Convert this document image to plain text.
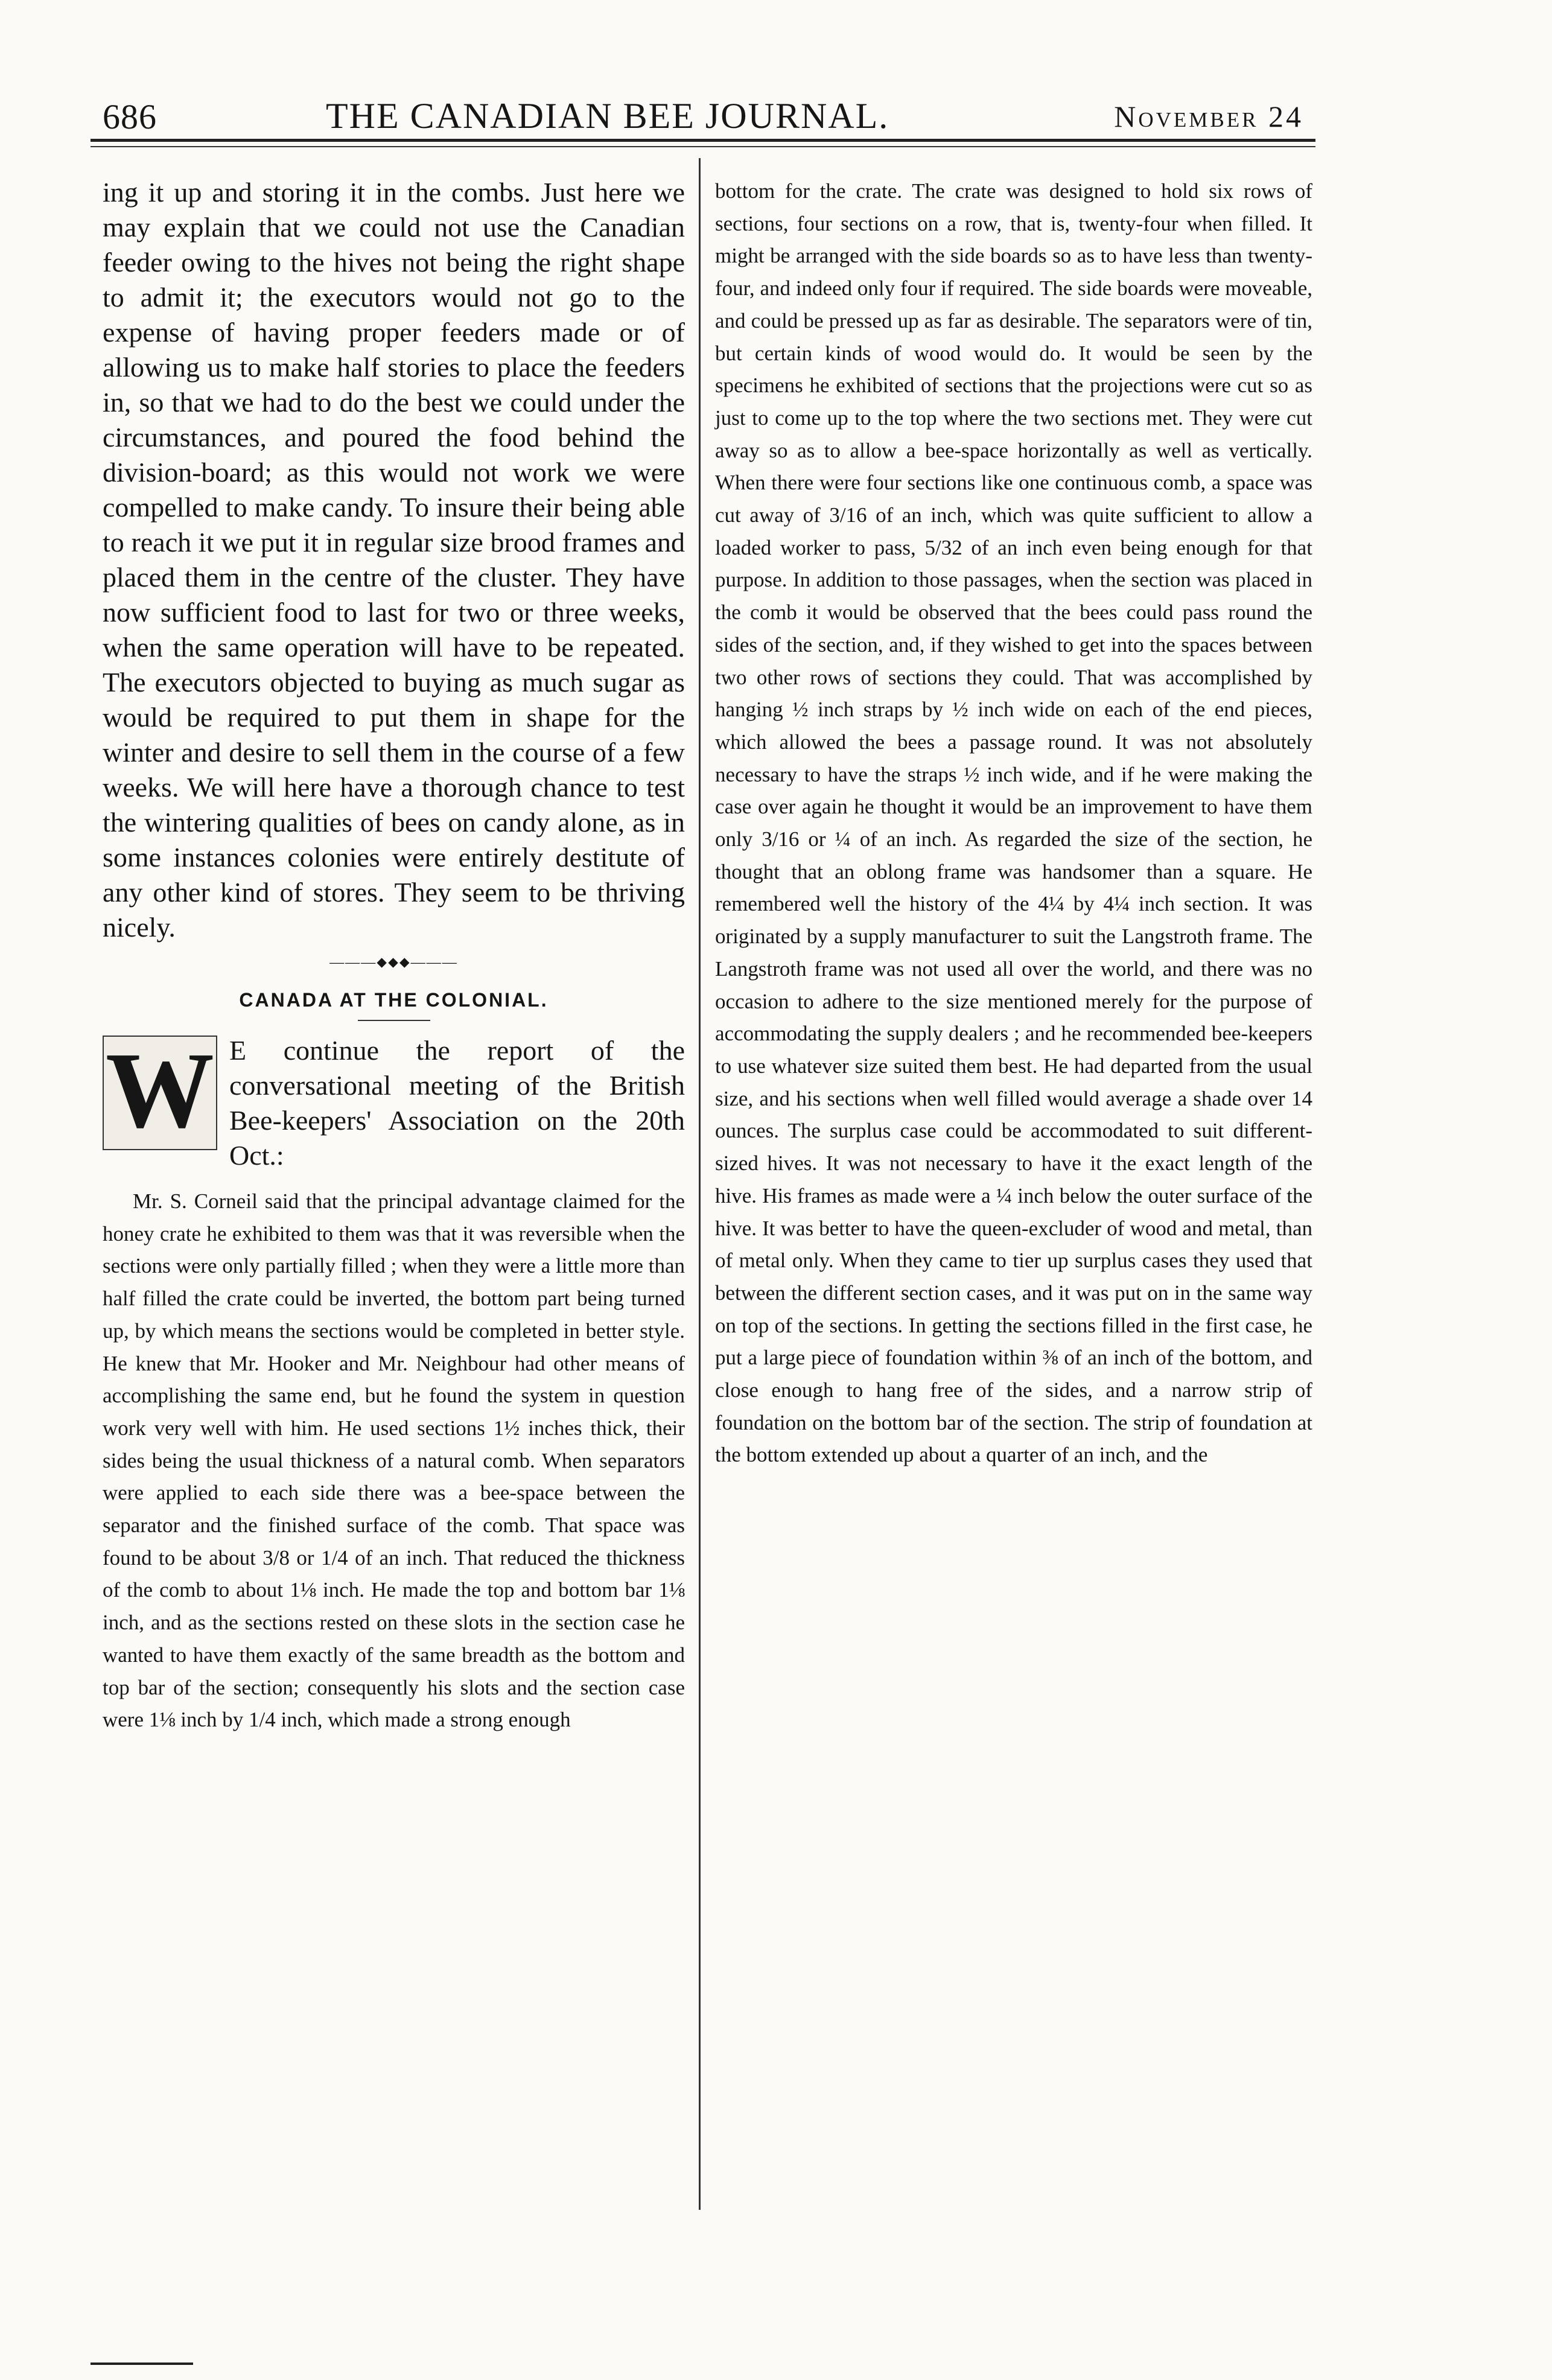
686	THE CANADIAN BEE JOURNAL.	November 24

ing it up and storing it in the combs. Just here we may explain that we could not use the Canadian feeder owing to the hives not being the right shape to admit it; the executors would not go to the expense of having proper feeders made or of allowing us to make half stories to place the feeders in, so that we had to do the best we could under the circumstances, and poured the food behind the division-board; as this would not work we were compelled to make candy. To insure their being able to reach it we put it in regular size brood frames and placed them in the centre of the cluster. They have now sufficient food to last for two or three weeks, when the same operation will have to be repeated. The executors objected to buying as much sugar as would be required to put them in shape for the winter and desire to sell them in the course of a few weeks. We will here have a thorough chance to test the wintering qualities of bees on candy alone, as in some instances colonies were entirely destitute of any other kind of stores. They seem to be thriving nicely.

———⬥⬥⬥———
CANADA AT THE COLONIAL.
W E continue the report of the conversational meeting of the British Bee-keepers' Association on the 20th Oct.:

Mr. S. Corneil said that the principal advantage claimed for the honey crate he exhibited to them was that it was reversible when the sections were only partially filled ; when they were a little more than half filled the crate could be inverted, the bottom part being turned up, by which means the sections would be completed in better style. He knew that Mr. Hooker and Mr. Neighbour had other means of accomplishing the same end, but he found the system in question work very well with him. He used sections 1½ inches thick, their sides being the usual thickness of a natural comb. When separators were applied to each side there was a bee-space between the separator and the finished surface of the comb. That space was found to be about 3/8 or 1/4 of an inch. That reduced the thickness of the comb to about 1⅛ inch. He made the top and bottom bar 1⅛ inch, and as the sections rested on these slots in the section case he wanted to have them exactly of the same breadth as the bottom and top bar of the section; consequently his slots and the section case were 1⅛ inch by 1/4 inch, which made a strong enough

bottom for the crate. The crate was designed to hold six rows of sections, four sections on a row, that is, twenty-four when filled. It might be arranged with the side boards so as to have less than twenty-four, and indeed only four if required. The side boards were moveable, and could be pressed up as far as desirable. The separators were of tin, but certain kinds of wood would do. It would be seen by the specimens he exhibited of sections that the projections were cut so as just to come up to the top where the two sections met. They were cut away so as to allow a bee-space horizontally as well as vertically. When there were four sections like one continuous comb, a space was cut away of 3/16 of an inch, which was quite sufficient to allow a loaded worker to pass, 5/32 of an inch even being enough for that purpose. In addition to those passages, when the section was placed in the comb it would be observed that the bees could pass round the sides of the section, and, if they wished to get into the spaces between two other rows of sections they could. That was accomplished by hanging ½ inch straps by ½ inch wide on each of the end pieces, which allowed the bees a passage round. It was not absolutely necessary to have the straps ½ inch wide, and if he were making the case over again he thought it would be an improvement to have them only 3/16 or ¼ of an inch. As regarded the size of the section, he thought that an oblong frame was handsomer than a square. He remembered well the history of the 4¼ by 4¼ inch section. It was originated by a supply manufacturer to suit the Langstroth frame. The Langstroth frame was not used all over the world, and there was no occasion to adhere to the size mentioned merely for the purpose of accommodating the supply dealers ; and he recommended bee-keepers to use whatever size suited them best. He had departed from the usual size, and his sections when well filled would average a shade over 14 ounces. The surplus case could be accommodated to suit different-sized hives. It was not necessary to have it the exact length of the hive. His frames as made were a ¼ inch below the outer surface of the hive. It was better to have the queen-excluder of wood and metal, than of metal only. When they came to tier up surplus cases they used that between the different section cases, and it was put on in the same way on top of the sections. In getting the sections filled in the first case, he put a large piece of foundation within ⅜ of an inch of the bottom, and close enough to hang free of the sides, and a narrow strip of foundation on the bottom bar of the section. The strip of foundation at the bottom extended up about a quarter of an inch, and the
